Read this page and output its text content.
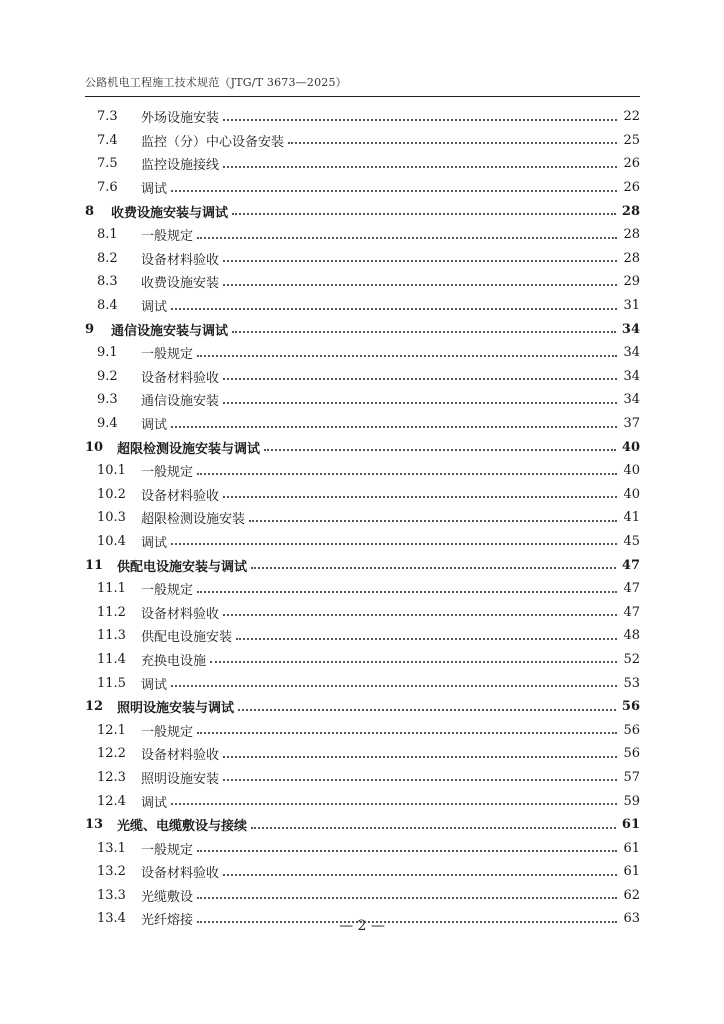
公路机电工程施工技术规范（JTG/T 3673—2025）
7.3	外场设施安装	22
7.4	监控（分）中心设备安装	25
7.5	监控设施接线	26
7.6	调试	26
8 收费设施安装与调试	28
8.1	一般规定	28
8.2	设备材料验收	28
8.3	收费设施安装	29
8.4	调试	31
9 通信设施安装与调试	34
9.1	一般规定	34
9.2	设备材料验收	34
9.3	通信设施安装	34
9.4	调试	37
10 超限检测设施安装与调试	40
10.1 一般规定	40
10.2 设备材料验收	40
10.3 超限检测设施安装	41
10.4 调试	45
11 供配电设施安装与调试	47
11.1 一般规定	47
11.2 设备材料验收	47
11.3 供配电设施安装	48
11.4 充换电设施	52
11.5 调试	53
12 照明设施安装与调试	56
12.1 一般规定	56
12.2 设备材料验收	56
12.3 照明设施安装	57
12.4 调试	59
13 光缆、电缆敷设与接续	61
13.1 一般规定	61
13.2 设备材料验收	61
13.3 光缆敷设	62
13.4 光纤熔接	63
— 2 —
